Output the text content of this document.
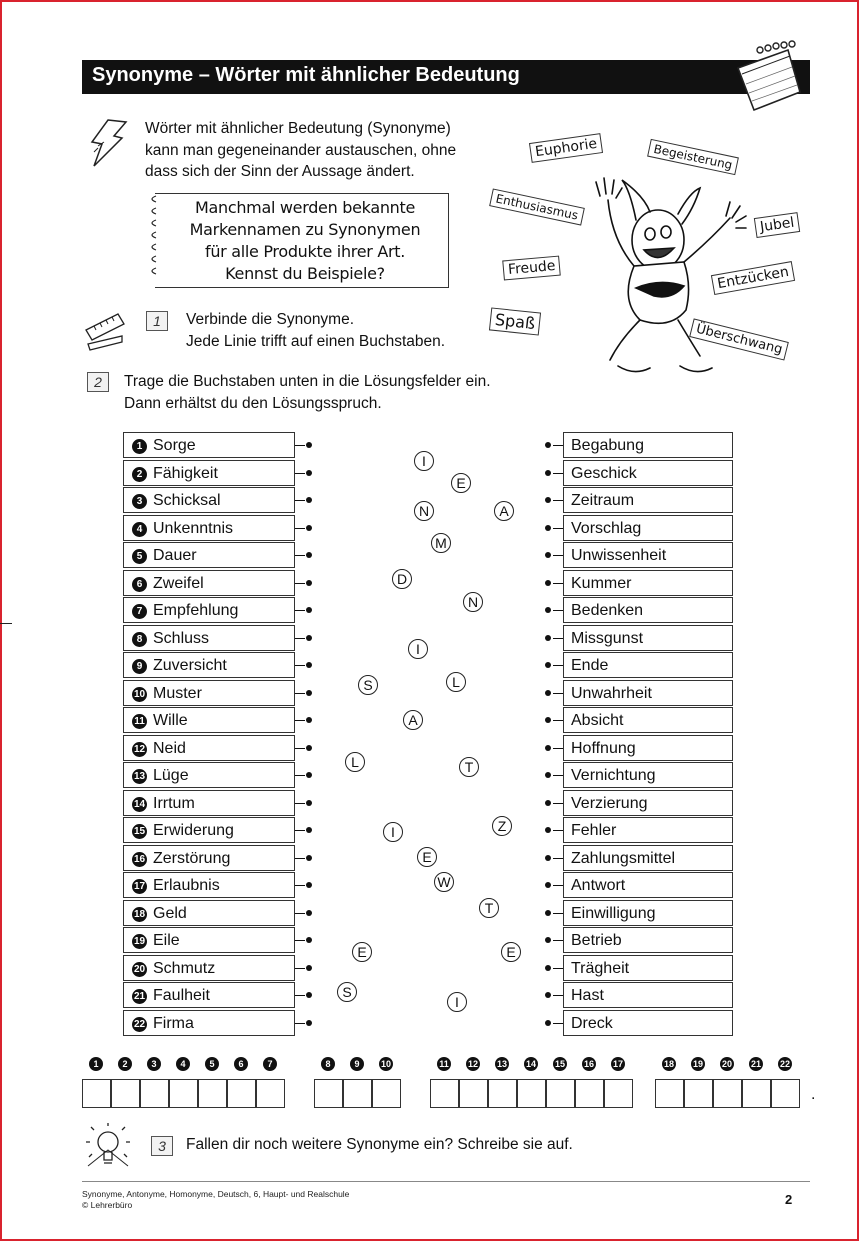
Synonyme – Wörter mit ähnlicher Bedeutung
Wörter mit ähnlicher Bedeutung (Synonyme)
kann man gegeneinander austauschen, ohne
dass sich der Sinn der Aussage ändert.
Manchmal werden bekannte
Markennamen zu Synonymen
für alle Produkte ihrer Art.
Kennst du Beispiele?
Euphorie	Begeisterung
Enthusiasmus
Jubel
Freude	Entzücken
Spaß
Überschwang
1	Verbinde die Synonyme.
Jede Linie trifft auf einen Buchstaben.
2	Trage die Buchstaben unten in die Lösungsfelder ein.
Dann erhältst du den Lösungsspruch.
1 Sorge
2 Fähigkeit
3 Schicksal
4 Unkenntnis
5 Dauer
6 Zweifel
7 Empfehlung
8 Schluss
9 Zuversicht
10 Muster
11 Wille
12 Neid
13 Lüge
14 Irrtum
15 Erwiderung
16 Zerstörung
17 Erlaubnis
18 Geld
19 Eile
20 Schmutz
21 Faulheit
22 Firma
Begabung
Geschick
Zeitraum
Vorschlag
Unwissenheit
Kummer
Bedenken
Missgunst
Ende
Unwahrheit
Absicht
Hoffnung
Vernichtung
Verzierung
Fehler
Zahlungsmittel
Antwort
Einwilligung
Betrieb
Trägheit
Hast
Dreck
I
E
N	A
M
D
N
I
S	L
A
L	T
Z
I
E
W
T
E	E
S
I
1	2	3	4	5	6	7	8	9	10	11 12 13 14 15 16 17	18 19 20 21 22
.
3	Fallen dir noch weitere Synonyme ein? Schreibe sie auf.
Synonyme, Antonyme, Homonyme, Deutsch, 6, Haupt- und Realschule
© Lehrerbüro	2
